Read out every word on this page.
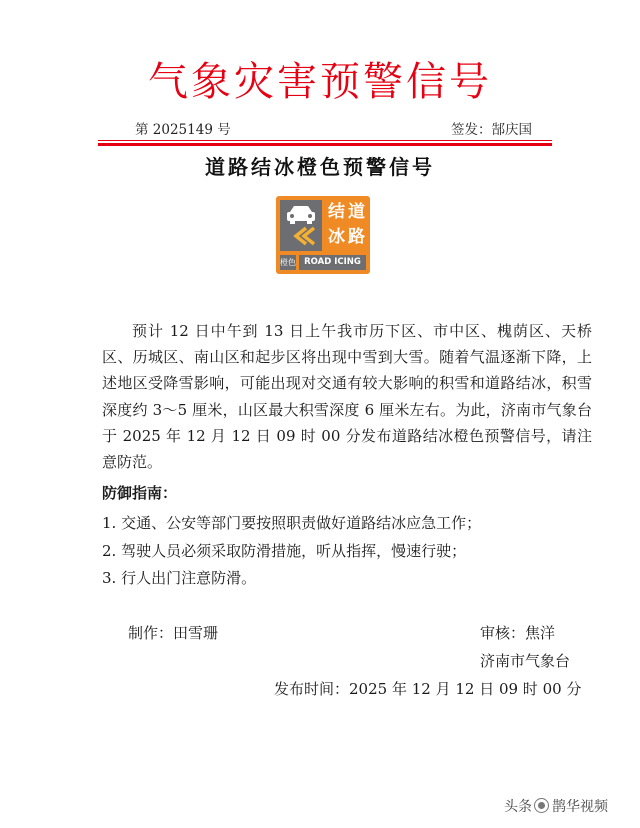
气象灾害预警信号
第 2025149 号	签发：郜庆国
道路结冰橙色预警信号
结 道
冰 路
橙色 ROAD ICING
预计 12 日中午到 13 日上午我市历下区、市中区、槐荫区、天桥区、历城区、南山区和起步区将出现中雪到大雪。随着气温逐渐下降，上述地区受降雪影响，可能出现对交通有较大影响的积雪和道路结冰，积雪深度约 3～5 厘米，山区最大积雪深度 6 厘米左右。为此，济南市气象台于 2025 年 12 月 12 日 09 时 00 分发布道路结冰橙色预警信号，请注意防范。
防御指南：
1. 交通、公安等部门要按照职责做好道路结冰应急工作；
2. 驾驶人员必须采取防滑措施，听从指挥，慢速行驶；
3. 行人出门注意防滑。
制作：田雪珊	审核：焦洋
济南市气象台
发布时间：2025 年 12 月 12 日 09 时 00 分
头条 鹊华视频
